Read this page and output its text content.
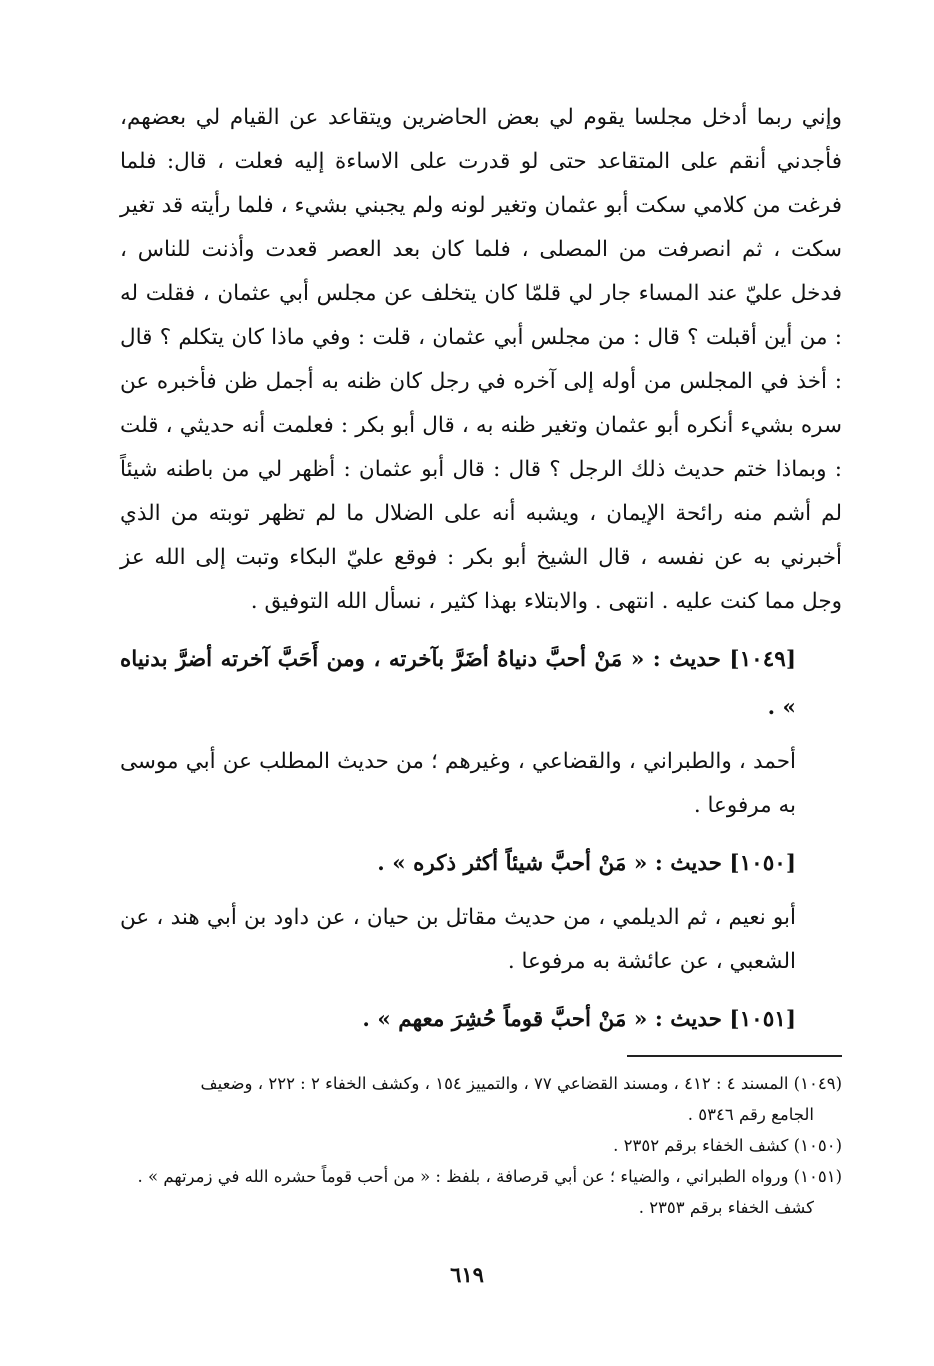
وإني ربما أدخل مجلسا يقوم لي بعض الحاضرين ويتقاعد عن القيام لي بعضهم، فأجدني أنقم على المتقاعد حتى لو قدرت على الاساءة إليه فعلت ، قال: فلما فرغت من كلامي سكت أبو عثمان وتغير لونه ولم يجبني بشيء ، فلما رأيته قد تغير سكت ، ثم انصرفت من المصلى ، فلما كان بعد العصر قعدت وأذنت للناس ، فدخل عليّ عند المساء جار لي قلمّا كان يتخلف عن مجلس أبي عثمان ، فقلت له : من أين أقبلت ؟ قال : من مجلس أبي عثمان ، قلت : وفي ماذا كان يتكلم ؟ قال : أخذ في المجلس من أوله إلى آخره في رجل كان ظنه به أجمل ظن فأخبره عن سره بشيء أنكره أبو عثمان وتغير ظنه به ، قال أبو بكر : فعلمت أنه حديثي ، قلت : وبماذا ختم حديث ذلك الرجل ؟ قال : قال أبو عثمان : أظهر لي من باطنه شيئاً لم أشم منه رائحة الإيمان ، ويشبه أنه على الضلال ما لم تظهر توبته من الذي أخبرني به عن نفسه ، قال الشيخ أبو بكر : فوقع عليّ البكاء وتبت إلى الله عز وجل مما كنت عليه . انتهى . والابتلاء بهذا كثير ، نسأل الله التوفيق .

[١٠٤٩] حديث : « مَنْ أحبَّ دنياهُ أضَرَّ بآخرته ، ومن أَحَبَّ آخرته أضرَّ بدنياه » .

أحمد ، والطبراني ، والقضاعي ، وغيرهم ؛ من حديث المطلب عن أبي موسى به مرفوعا .

[١٠٥٠] حديث : « مَنْ أحبَّ شيئاً أكثر ذكره » .

أبو نعيم ، ثم الديلمي ، من حديث مقاتل بن حيان ، عن داود بن أبي هند ، عن الشعبي ، عن عائشة به مرفوعا .

[١٠٥١] حديث : « مَنْ أحبَّ قوماً حُشِرَ معهم » .

(١٠٤٩) المسند ٤ : ٤١٢ ، ومسند القضاعي ٧٧ ، والتمييز ١٥٤ ، وكشف الخفاء ٢ : ٢٢٢ ، وضعيف
الجامع رقم ٥٣٤٦ .

(١٠٥٠) كشف الخفاء برقم ٢٣٥٢ .

(١٠٥١) ورواه الطبراني ، والضياء ؛ عن أبي قرصافة ، بلفظ : « من أحب قوماً حشره الله في زمرتهم » .
كشف الخفاء برقم ٢٣٥٣ .

٦١٩
